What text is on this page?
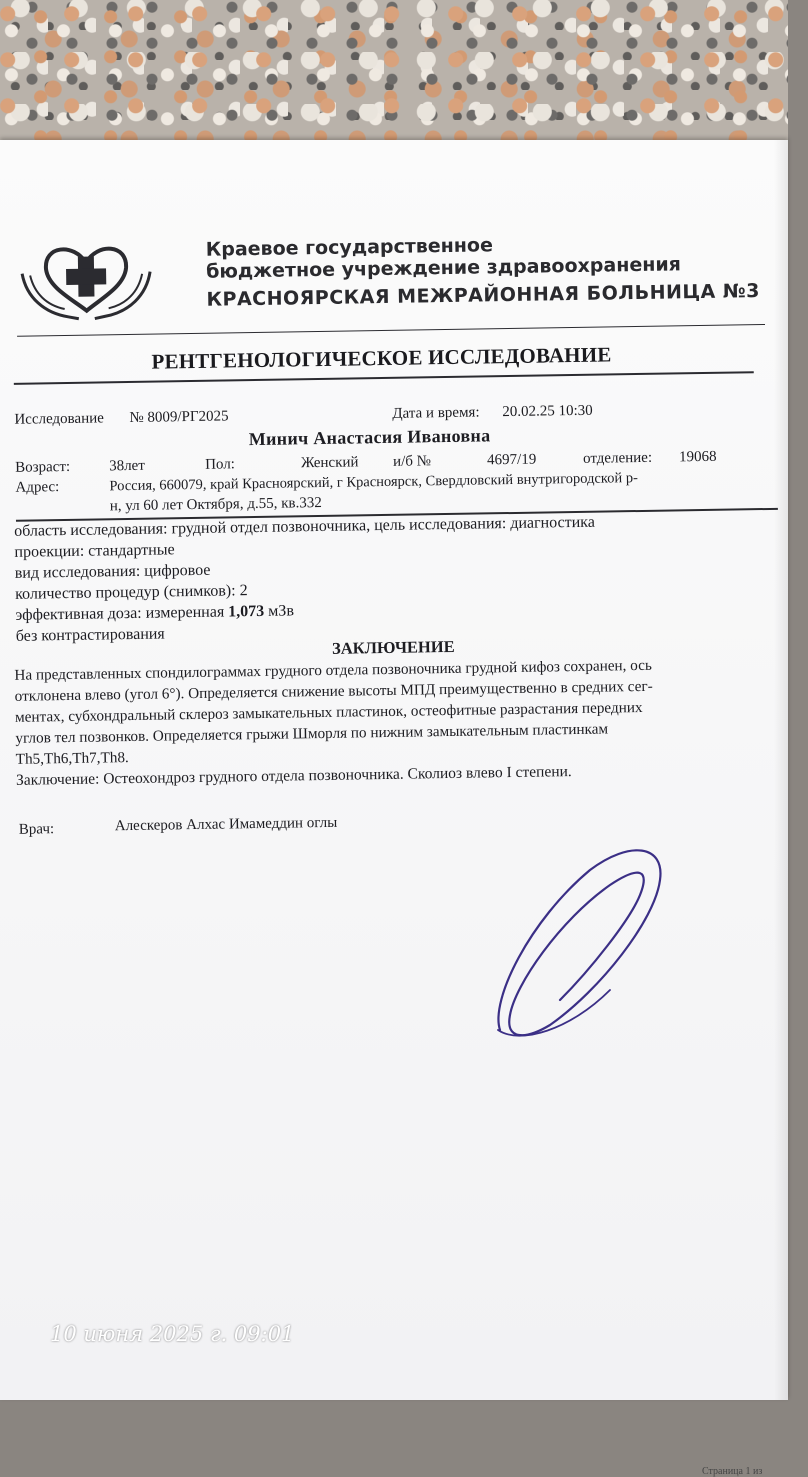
Краевое государственное
бюджетное учреждение здравоохранения
КРАСНОЯРСКАЯ МЕЖРАЙОННАЯ БОЛЬНИЦА №3
РЕНТГЕНОЛОГИЧЕСКОЕ ИССЛЕДОВАНИЕ
Исследование № 8009/РГ2025	Дата и время: 20.02.25 10:30
Минич Анастасия Ивановна
Возраст:	38лет	Пол:	Женский и/б №	4697/19	отделение: 19068
Адрес:	Россия, 660079, край Красноярский, г Красноярск, Свердловский внутригородской р-
н, ул 60 лет Октября, д.55, кв.332
область исследования: грудной отдел позвоночника, цель исследования: диагностика
проекции: стандартные
вид исследования: цифровое
количество процедур (снимков): 2
эффективная доза: измеренная 1,073 мЗв
без контрастирования
ЗАКЛЮЧЕНИЕ
На представленных спондилограммах грудного отдела позвоночника грудной кифоз сохранен, ось
отклонена влево (угол 6°). Определяется снижение высоты МПД преимущественно в средних сег-
ментах, субхондральный склероз замыкательных пластинок, остеофитные разрастания передних
углов тел позвонков. Определяется грыжи Шморля по нижним замыкательным пластинкам
Th5,Th6,Th7,Th8.
Заключение: Остеохондроз грудного отдела позвоночника. Сколиоз влево I степени.
Врач:	Алескеров Алхас Имамеддин оглы
Страница 1 из
10 июня 2025 г. 09:01
